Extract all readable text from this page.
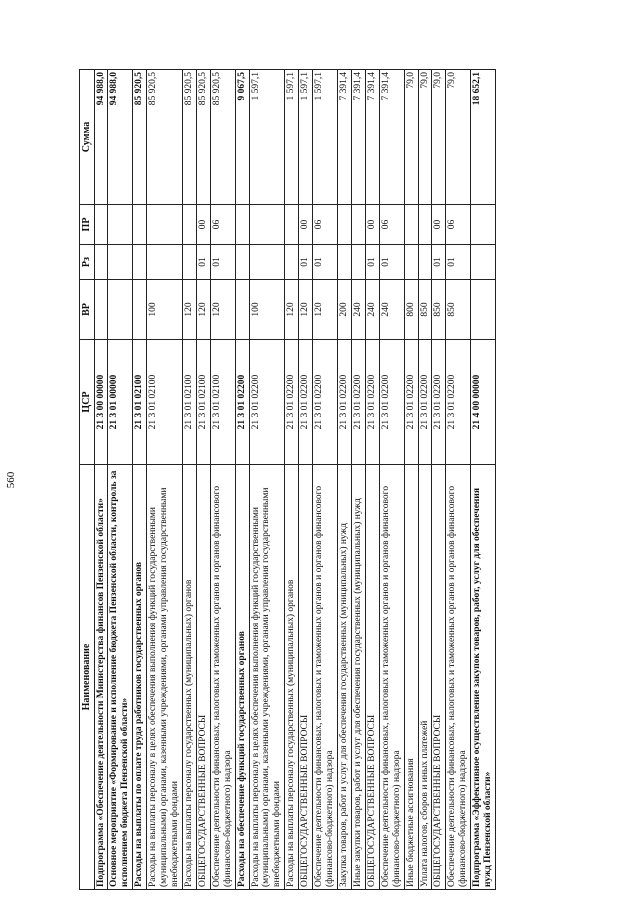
560
Наименование	ЦСР	ВР	Рз	ПР	Сумма
Подпрограмма «Обеспечение деятельности Министерства финансов Пензенской области»	21 3 00 00000				94 988,0
Основное мероприятие «Формирование и исполнение бюджета Пензенской области, контроль за исполнением бюджета Пензенской области»	21 3 01 00000				94 988,0
Расходы на выплаты по оплате труда работников государственных органов	21 3 01 02100				85 920,5
Расходы на выплаты персоналу в целях обеспечения выполнения функций государственными (муниципальными) органами, казенными учреждениями, органами управления государственными внебюджетными фондами	21 3 01 02100	100			85 920,5
Расходы на выплаты персоналу государственных (муниципальных) органов	21 3 01 02100	120			85 920,5
ОБЩЕГОСУДАРСТВЕННЫЕ ВОПРОСЫ	21 3 01 02100	120	01	00	85 920,5
Обеспечение деятельности финансовых, налоговых и таможенных органов и органов финансового (финансово-бюджетного) надзора	21 3 01 02100	120	01	06	85 920,5
Расходы на обеспечение функций государственных органов	21 3 01 02200				9 067,5
Расходы на выплаты персоналу в целях обеспечения выполнения функций государственными (муниципальными) органами, казенными учреждениями, органами управления государственными внебюджетными фондами	21 3 01 02200	100			1 597,1
Расходы на выплаты персоналу государственных (муниципальных) органов	21 3 01 02200	120			1 597,1
ОБЩЕГОСУДАРСТВЕННЫЕ ВОПРОСЫ	21 3 01 02200	120	01	00	1 597,1
Обеспечение деятельности финансовых, налоговых и таможенных органов и органов финансового (финансово-бюджетного) надзора	21 3 01 02200	120	01	06	1 597,1
Закупка товаров, работ и услуг для обеспечения государственных (муниципальных) нужд	21 3 01 02200	200			7 391,4
Иные закупки товаров, работ и услуг для обеспечения государственных (муниципальных) нужд	21 3 01 02200	240			7 391,4
ОБЩЕГОСУДАРСТВЕННЫЕ ВОПРОСЫ	21 3 01 02200	240	01	00	7 391,4
Обеспечение деятельности финансовых, налоговых и таможенных органов и органов финансового (финансово-бюджетного) надзора	21 3 01 02200	240	01	06	7 391,4
Иные бюджетные ассигнования	21 3 01 02200	800			79,0
Уплата налогов, сборов и иных платежей	21 3 01 02200	850			79,0
ОБЩЕГОСУДАРСТВЕННЫЕ ВОПРОСЫ	21 3 01 02200	850	01	00	79,0
Обеспечение деятельности финансовых, налоговых и таможенных органов и органов финансового (финансово-бюджетного) надзора	21 3 01 02200	850	01	06	79,0
Подпрограмма «Эффективное осуществление закупок товаров, работ, услуг для обеспечения нужд Пензенской области»	21 4 00 00000				18 652,1
